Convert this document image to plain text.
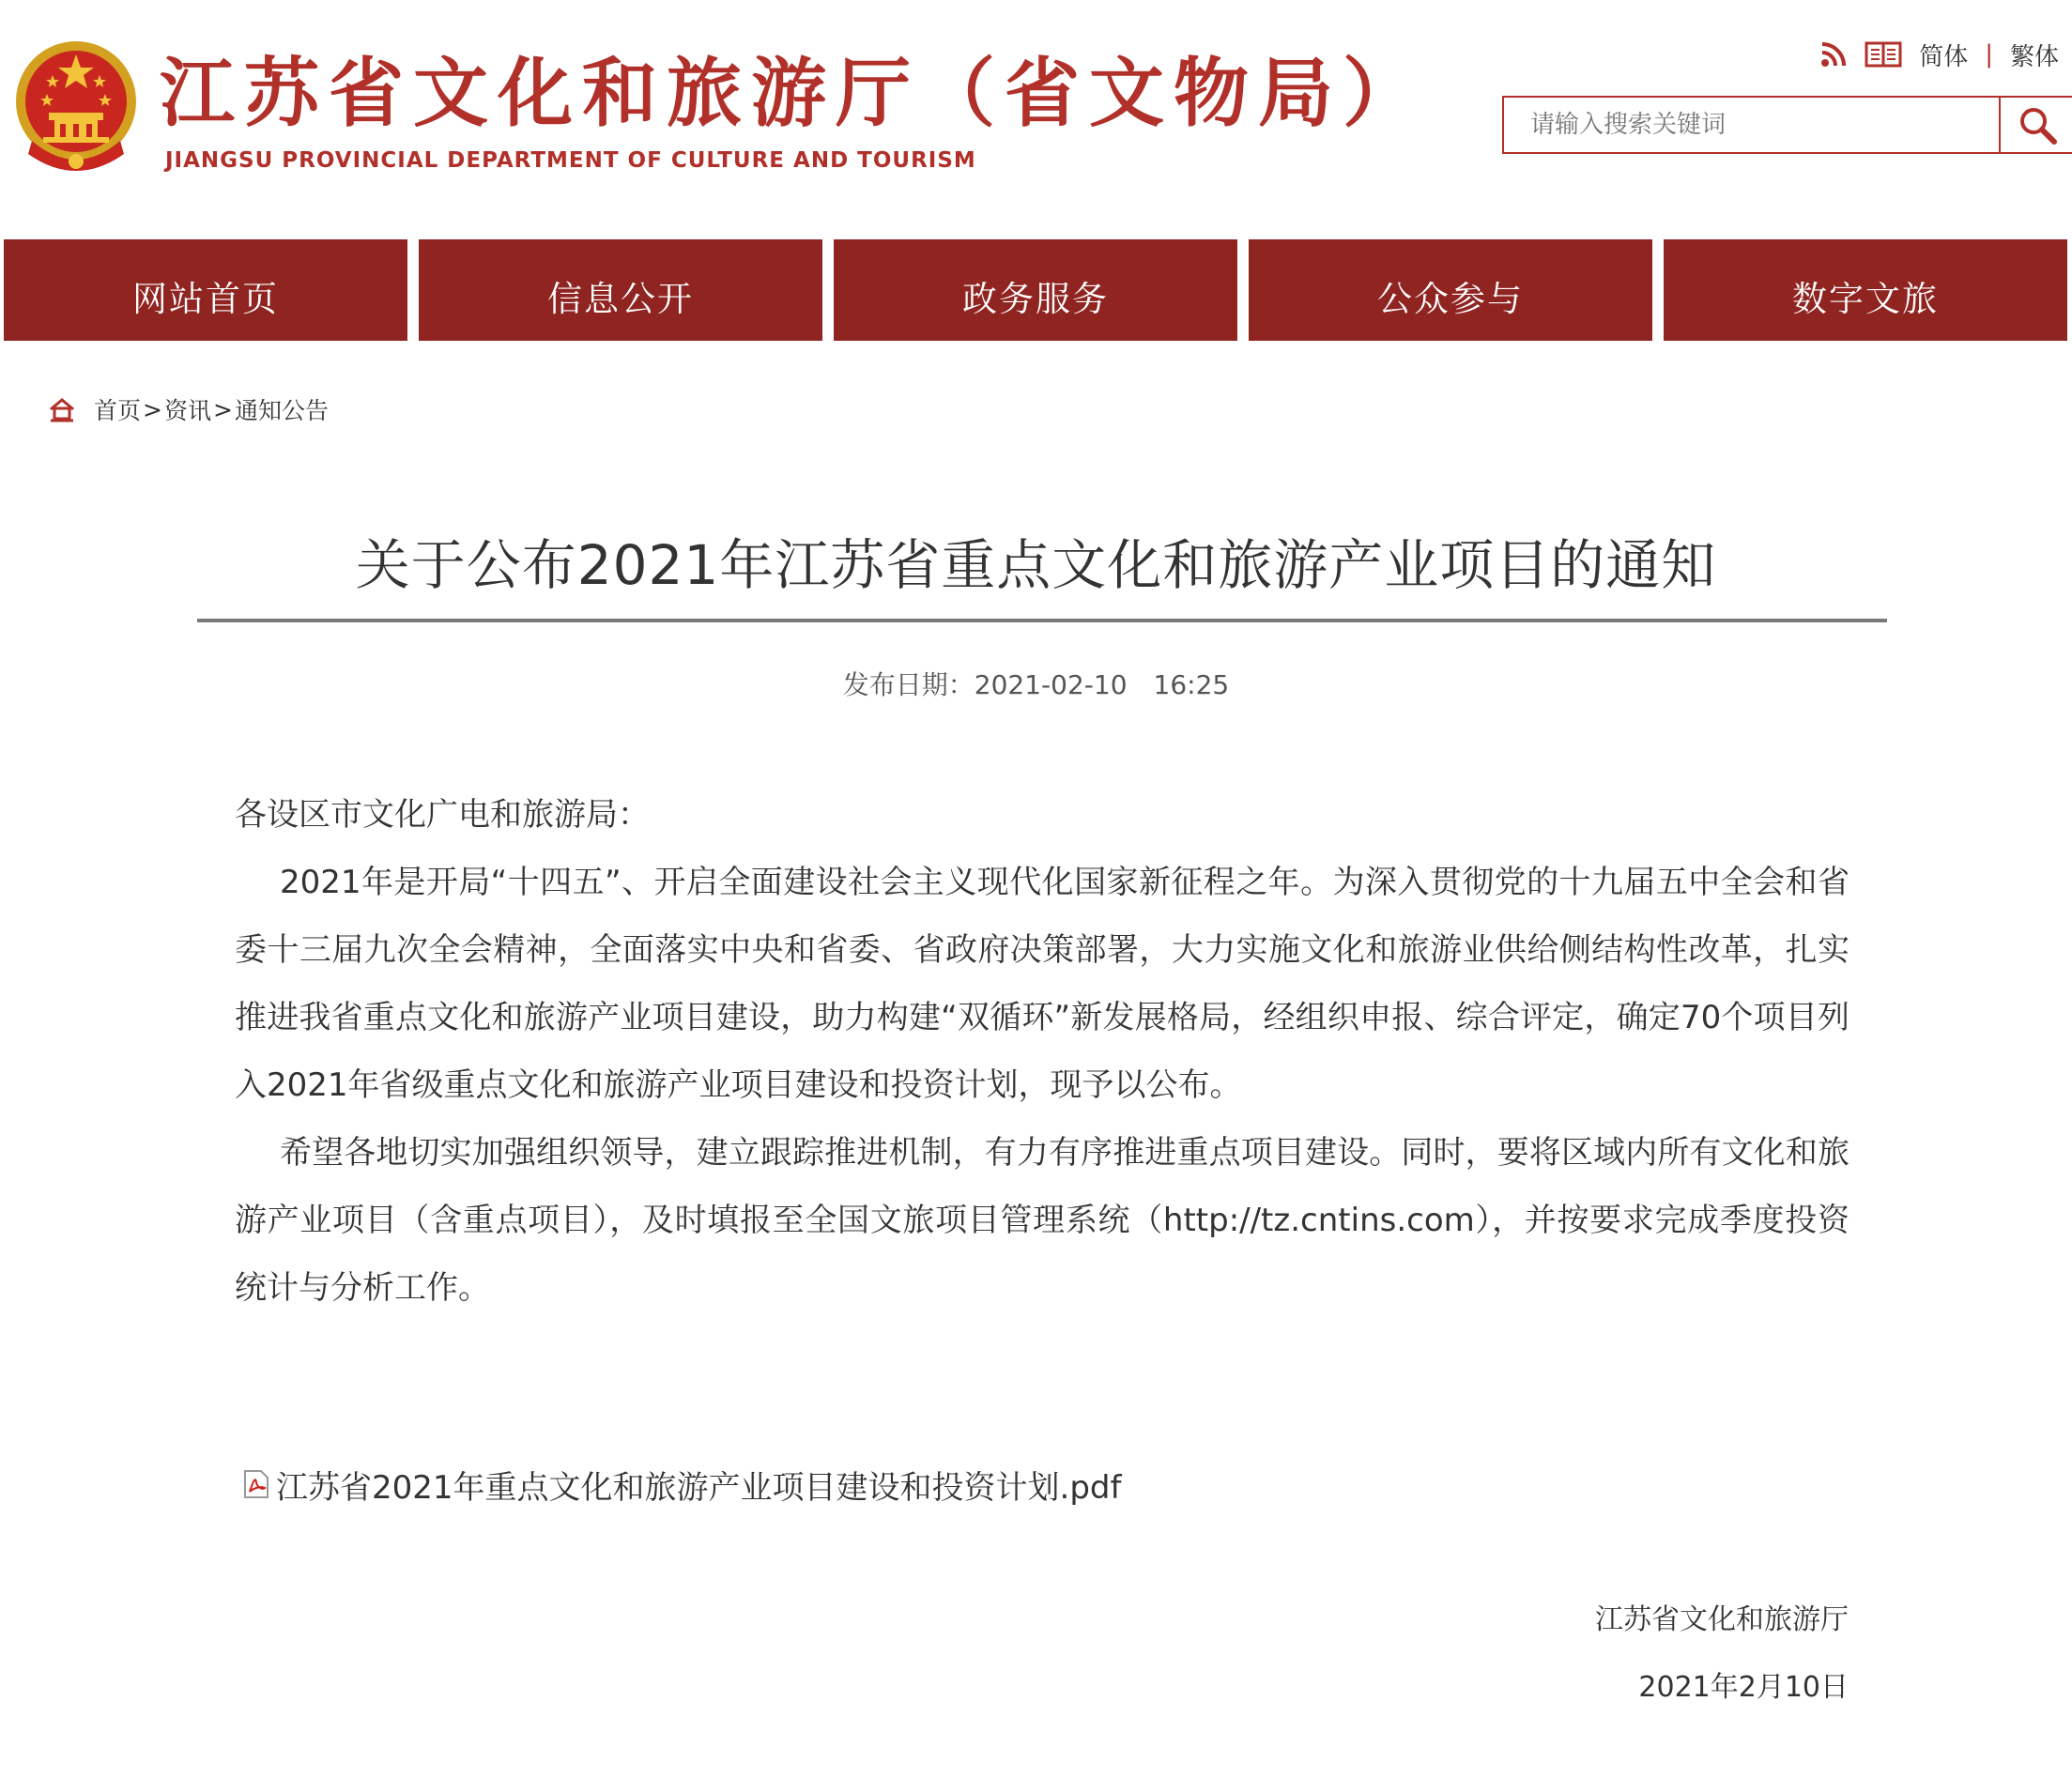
江苏省文化和旅游厅（省文物局）
JIANGSU PROVINCIAL DEPARTMENT OF CULTURE AND TOURISM
简体 | 繁体
请输入搜索关键词
网站首页	信息公开	政务服务	公众参与	数字文旅
首页 > 资讯 > 通知公告
关于公布2021年江苏省重点文化和旅游产业项目的通知
发布日期：2021-02-10　16:25

各设区市文化广电和旅游局：

2021年是开局“十四五”、开启全面建设社会主义现代化国家新征程之年。为深入贯彻党的十九届五中全会和省委十三届九次全会精神，全面落实中央和省委、省政府决策部署，大力实施文化和旅游业供给侧结构性改革，扎实推进我省重点文化和旅游产业项目建设，助力构建“双循环”新发展格局，经组织申报、综合评定，确定70个项目列入2021年省级重点文化和旅游产业项目建设和投资计划，现予以公布。

希望各地切实加强组织领导，建立跟踪推进机制，有力有序推进重点项目建设。同时，要将区域内所有文化和旅游产业项目（含重点项目），及时填报至全国文旅项目管理系统（http://tz.cntins.com），并按要求完成季度投资统计与分析工作。

江苏省2021年重点文化和旅游产业项目建设和投资计划.pdf
江苏省文化和旅游厅
2021年2月10日
